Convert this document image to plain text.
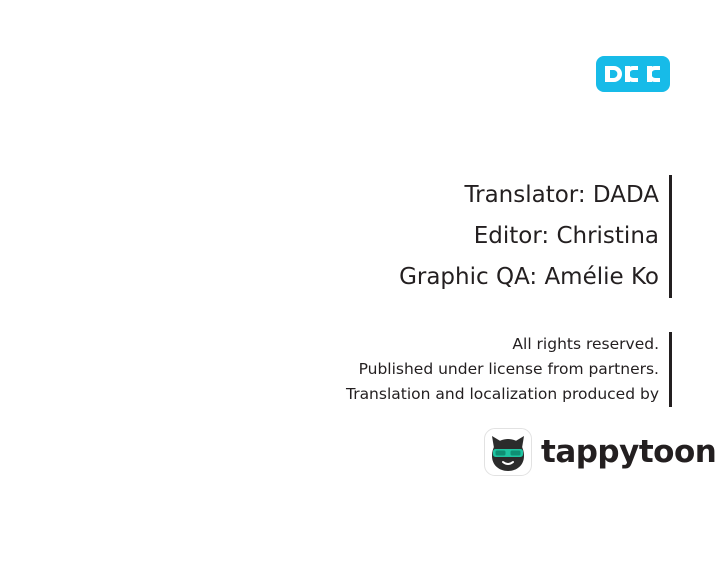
Translator: DADA
Editor: Christina
Graphic QA: Amélie Ko
All rights reserved.
Published under license from partners.
Translation and localization produced by
tappytoon
